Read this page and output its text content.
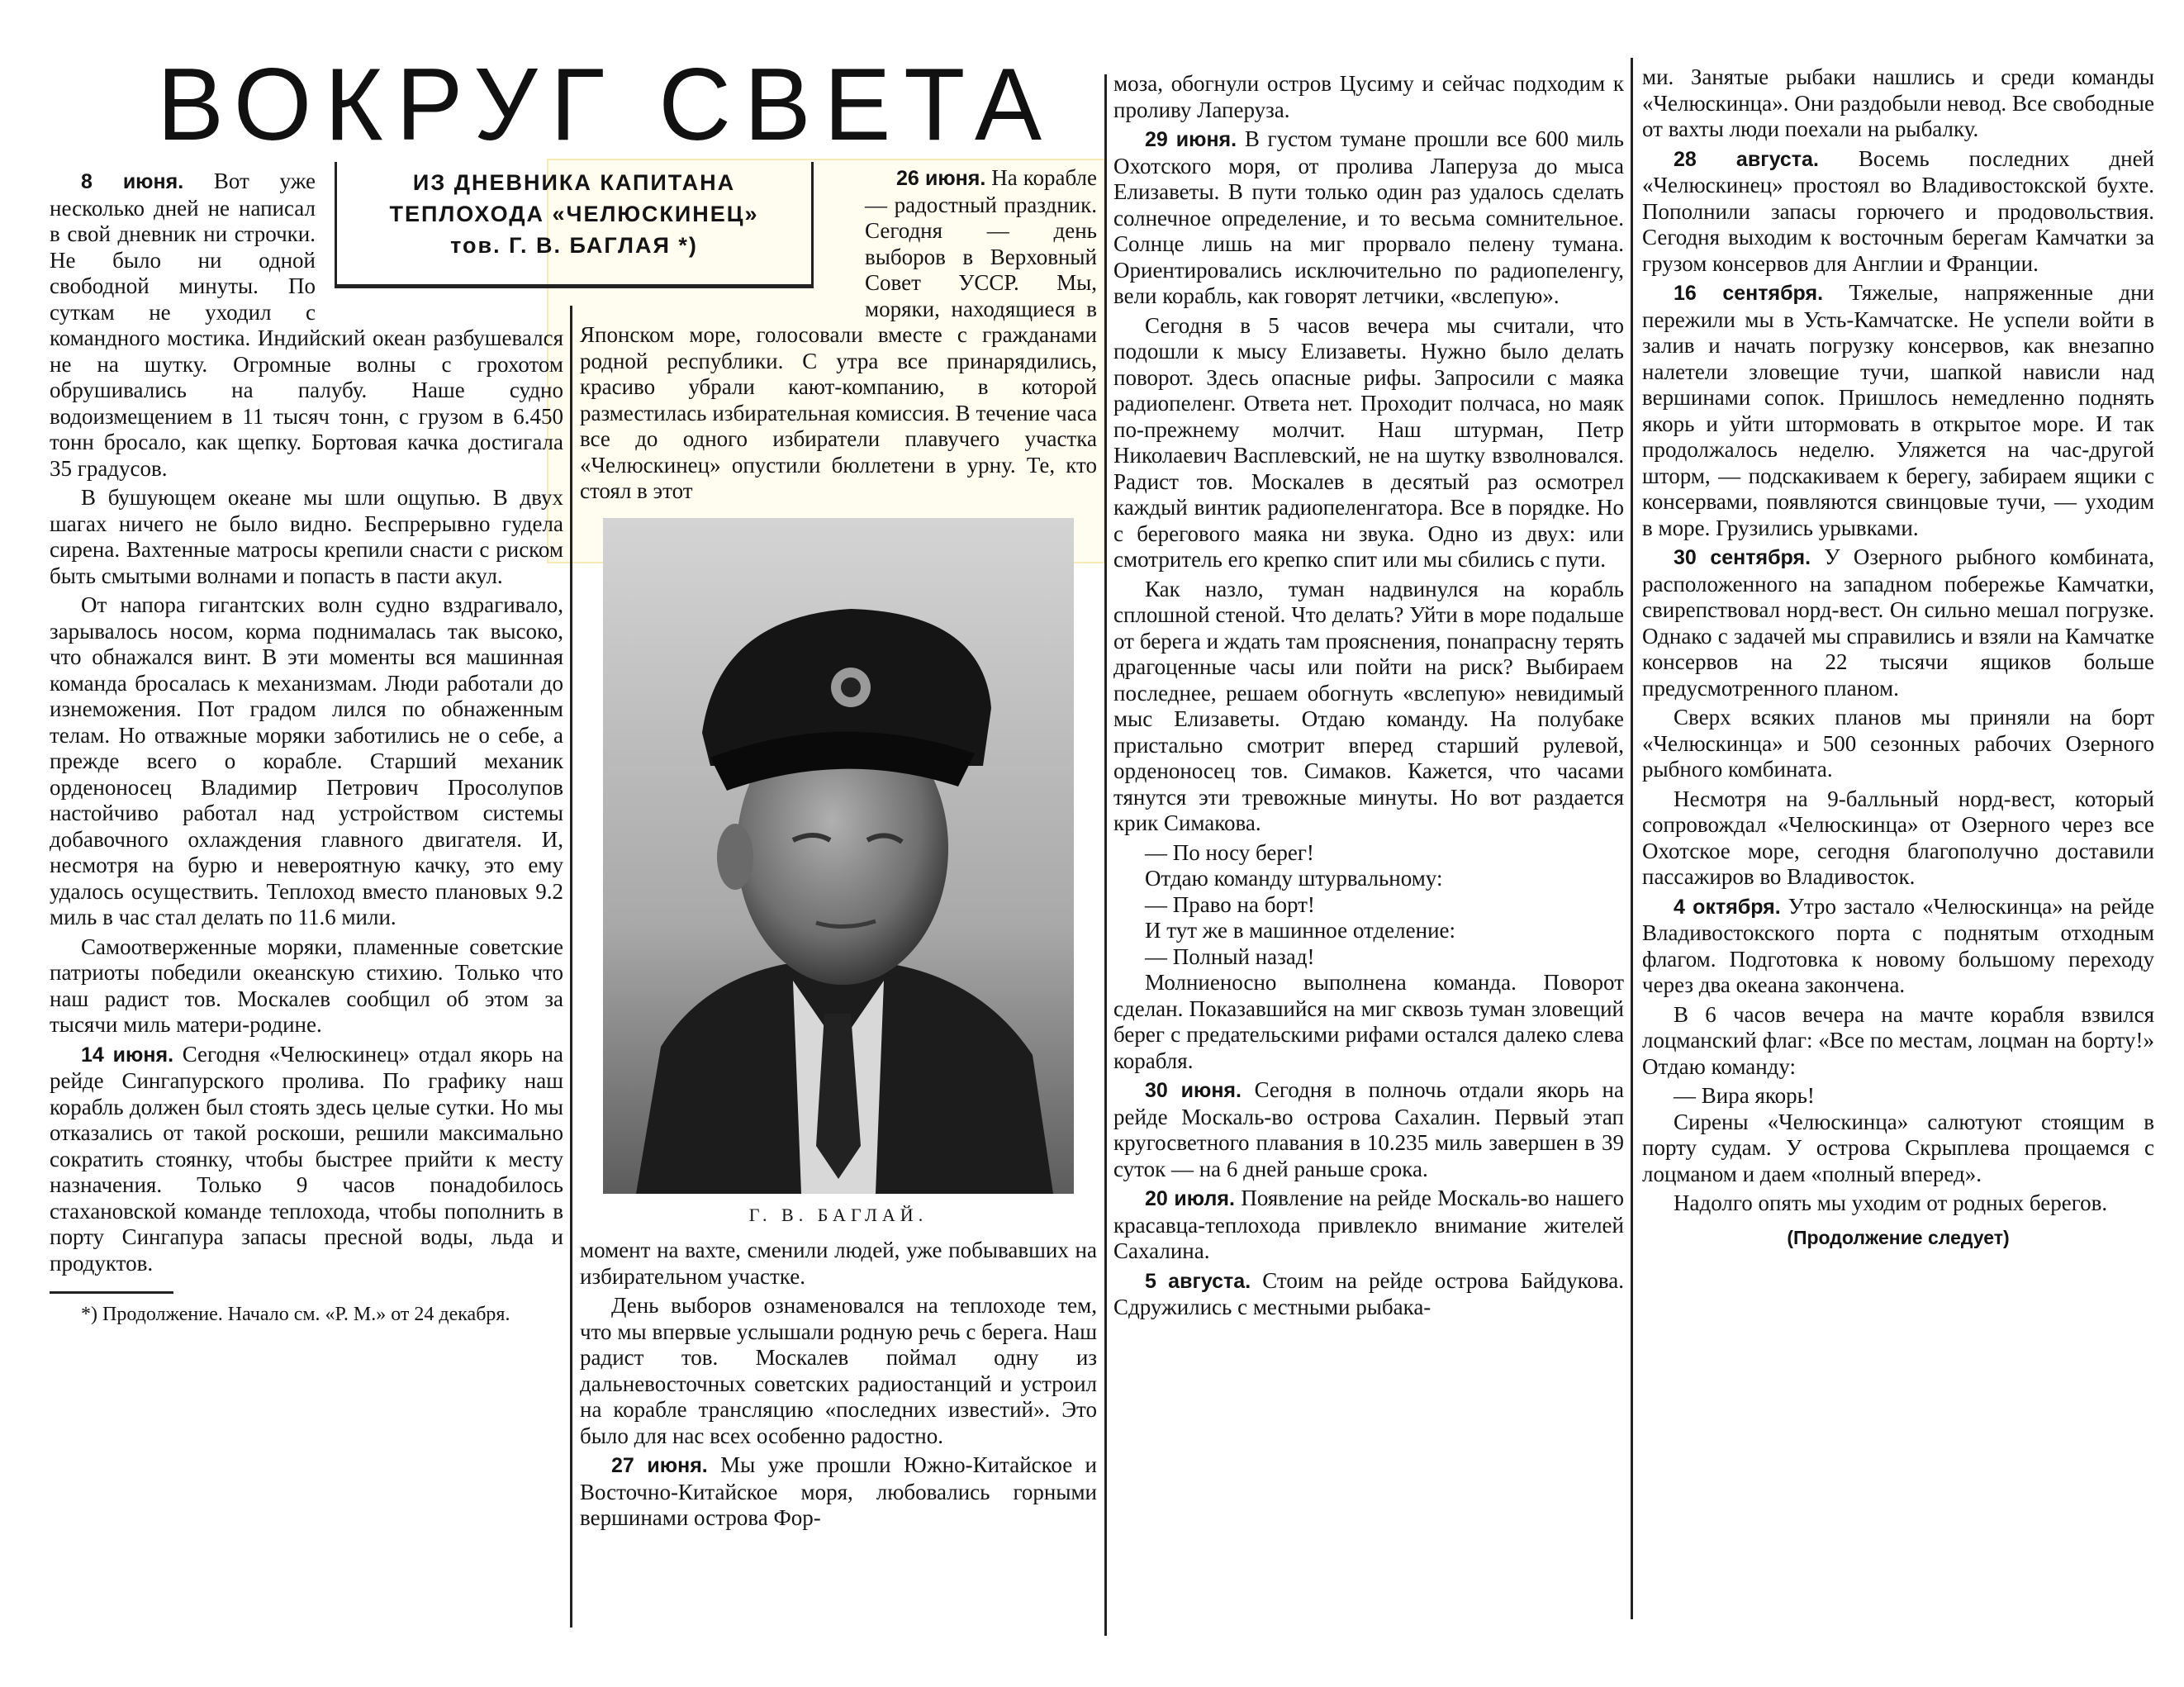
ВОКРУГ СВЕТА
ИЗ ДНЕВНИКА КАПИТАНА
ТЕПЛОХОДА «ЧЕЛЮСКИНЕЦ»
тов. Г. В. БАГЛАЯ *)

8 июня. Вот уже несколько дней не написал в свой дневник ни строчки. Не было ни одной свободной минуты. По суткам не уходил с командного мостика. Индийский океан разбушевался не на шутку. Огромные волны с грохотом обрушивались на палубу. Наше судно водоизмещением в 11 тысяч тонн, с грузом в 6.450 тонн бросало, как щепку. Бортовая качка достигала 35 градусов.

В бушующем океане мы шли ощупью. В двух шагах ничего не было видно. Беспрерывно гудела сирена. Вахтенные матросы крепили снасти с риском быть смытыми волнами и попасть в пасти акул.

От напора гигантских волн судно вздрагивало, зарывалось носом, корма поднималась так высоко, что обнажался винт. В эти моменты вся машинная команда бросалась к механизмам. Люди работали до изнеможения. Пот градом лился по обнаженным телам. Но отважные моряки заботились не о себе, а прежде всего о корабле. Старший механик орденоносец Владимир Петрович Просолупов настойчиво работал над устройством системы добавочного охлаждения главного двигателя. И, несмотря на бурю и невероятную качку, это ему удалось осуществить. Теплоход вместо плановых 9.2 миль в час стал делать по 11.6 мили.

Самоотверженные моряки, пламенные советские патриоты победили океанскую стихию. Только что наш радист тов. Москалев сообщил об этом за тысячи миль матери-родине.

14 июня. Сегодня «Челюскинец» отдал якорь на рейде Сингапурского пролива. По графику наш корабль должен был стоять здесь целые сутки. Но мы отказались от такой роскоши, решили максимально сократить стоянку, чтобы быстрее прийти к месту назначения. Только 9 часов понадобилось стахановской команде теплохода, чтобы пополнить в порту Сингапура запасы пресной воды, льда и продуктов.

*) Продолжение. Начало см. «Р. М.» от 24 декабря.

26 июня. На корабле — радостный праздник. Сегодня — день выборов в Верховный Совет УССР. Мы, моряки, находящиеся в Японском море, голосовали вместе с гражданами родной республики. С утра все принарядились, красиво убрали кают-компанию, в которой разместилась избирательная комиссия. В течение часа все до одного избиратели плавучего участка «Челюскинец» опустили бюллетени в урну. Те, кто стоял в этот

Г. В. БАГЛАЙ.

момент на вахте, сменили людей, уже побывавших на избирательном участке.

День выборов ознаменовался на теплоходе тем, что мы впервые услышали родную речь с берега. Наш радист тов. Москалев поймал одну из дальневосточных советских радиостанций и устроил на корабле трансляцию «последних известий». Это было для нас всех особенно радостно.

27 июня. Мы уже прошли Южно-Китайское и Восточно-Китайское моря, любовались горными вершинами острова Фор-

моза, обогнули остров Цусиму и сейчас подходим к проливу Лаперуза.

29 июня. В густом тумане прошли все 600 миль Охотского моря, от пролива Лаперуза до мыса Елизаветы. В пути только один раз удалось сделать солнечное определение, и то весьма сомнительное. Солнце лишь на миг прорвало пелену тумана. Ориентировались исключительно по радиопеленгу, вели корабль, как говорят летчики, «вслепую».

Сегодня в 5 часов вечера мы считали, что подошли к мысу Елизаветы. Нужно было делать поворот. Здесь опасные рифы. Запросили с маяка радиопеленг. Ответа нет. Проходит полчаса, но маяк по-прежнему молчит. Наш штурман, Петр Николаевич Васплевский, не на шутку взволновался. Радист тов. Москалев в десятый раз осмотрел каждый винтик радиопеленгатора. Все в порядке. Но с берегового маяка ни звука. Одно из двух: или смотритель его крепко спит или мы сбились с пути.

Как назло, туман надвинулся на корабль сплошной стеной. Что делать? Уйти в море подальше от берега и ждать там прояснения, понапрасну терять драгоценные часы или пойти на риск? Выбираем последнее, решаем обогнуть «вслепую» невидимый мыс Елизаветы. Отдаю команду. На полубаке пристально смотрит вперед старший рулевой, орденоносец тов. Симаков. Кажется, что часами тянутся эти тревожные минуты. Но вот раздается крик Симакова.

— По носу берег!

Отдаю команду штурвальному:

— Право на борт!

И тут же в машинное отделение:

— Полный назад!

Молниеносно выполнена команда. Поворот сделан. Показавшийся на миг сквозь туман зловещий берег с предательскими рифами остался далеко слева корабля.

30 июня. Сегодня в полночь отдали якорь на рейде Москаль-во острова Сахалин. Первый этап кругосветного плавания в 10.235 миль завершен в 39 суток — на 6 дней раньше срока.

20 июля. Появление на рейде Москаль-во нашего красавца-теплохода привлекло внимание жителей Сахалина.

5 августа. Стоим на рейде острова Байдукова. Сдружились с местными рыбака-

ми. Занятые рыбаки нашлись и среди команды «Челюскинца». Они раздобыли невод. Все свободные от вахты люди поехали на рыбалку.

28 августа. Восемь последних дней «Челюскинец» простоял во Владивостокской бухте. Пополнили запасы горючего и продовольствия. Сегодня выходим к восточным берегам Камчатки за грузом консервов для Англии и Франции.

16 сентября. Тяжелые, напряженные дни пережили мы в Усть-Камчатске. Не успели войти в залив и начать погрузку консервов, как внезапно налетели зловещие тучи, шапкой нависли над вершинами сопок. Пришлось немедленно поднять якорь и уйти штормовать в открытое море. И так продолжалось неделю. Уляжется на час-другой шторм, — подскакиваем к берегу, забираем ящики с консервами, появляются свинцовые тучи, — уходим в море. Грузились урывками.

30 сентября. У Озерного рыбного комбината, расположенного на западном побережье Камчатки, свирепствовал норд-вест. Он сильно мешал погрузке. Однако с задачей мы справились и взяли на Камчатке консервов на 22 тысячи ящиков больше предусмотренного планом.

Сверх всяких планов мы приняли на борт «Челюскинца» и 500 сезонных рабочих Озерного рыбного комбината.

Несмотря на 9-балльный норд-вест, который сопровождал «Челюскинца» от Озерного через все Охотское море, сегодня благополучно доставили пассажиров во Владивосток.

4 октября. Утро застало «Челюскинца» на рейде Владивостокского порта с поднятым отходным флагом. Подготовка к новому большому переходу через два океана закончена.

В 6 часов вечера на мачте корабля взвился лоцманский флаг: «Все по местам, лоцман на борту!» Отдаю команду:

— Вира якорь!

Сирены «Челюскинца» салютуют стоящим в порту судам. У острова Скрыплева прощаемся с лоцманом и даем «полный вперед».

Надолго опять мы уходим от родных берегов.

(Продолжение следует)
